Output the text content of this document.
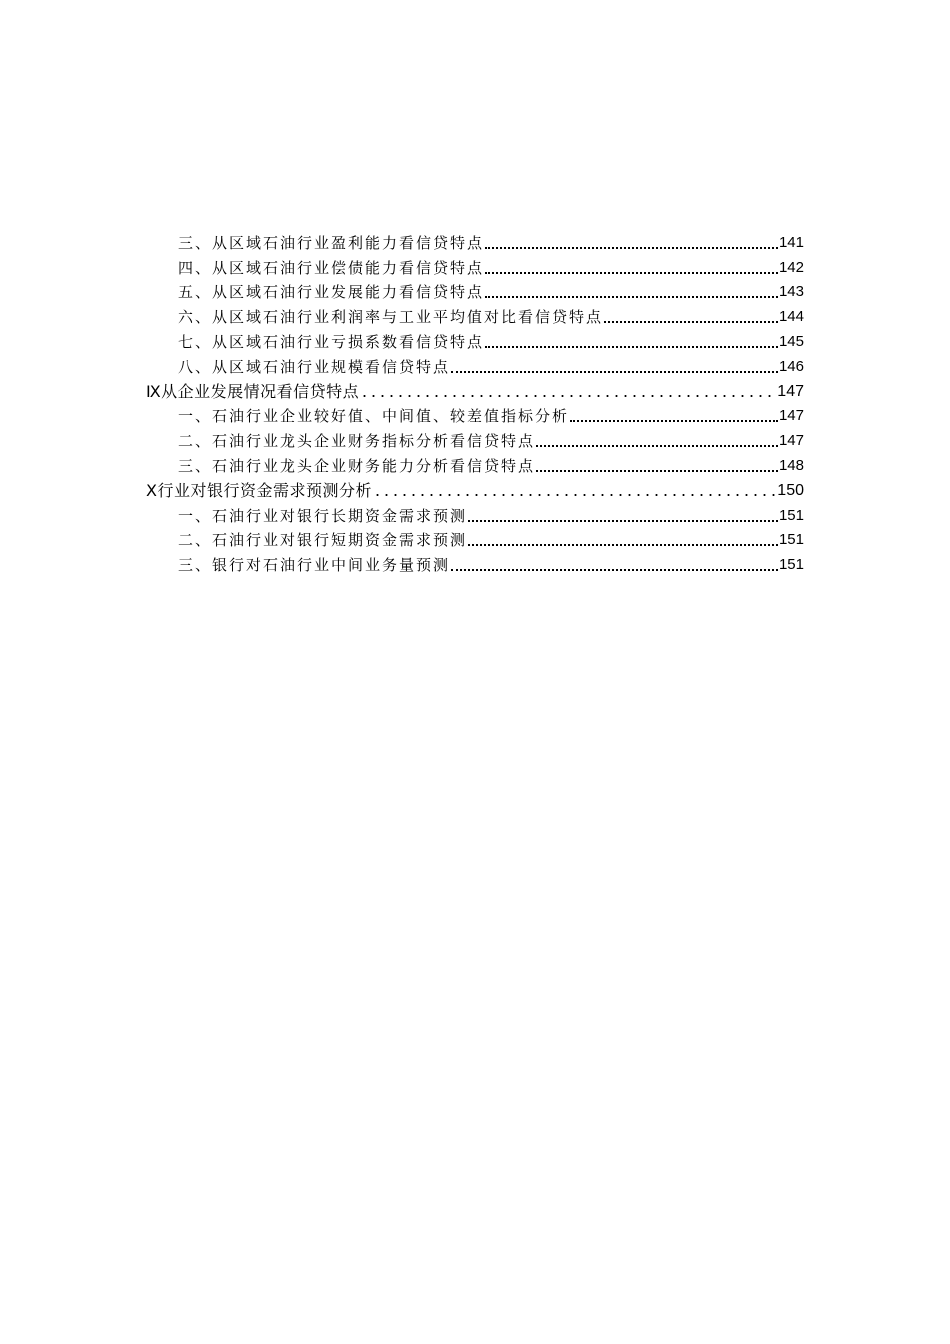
三、从区域石油行业盈利能力看信贷特点	141
四、从区域石油行业偿债能力看信贷特点	142
五、从区域石油行业发展能力看信贷特点	143
六、从区域石油行业利润率与工业平均值对比看信贷特点	144
七、从区域石油行业亏损系数看信贷特点	145
八、从区域石油行业规模看信贷特点	146
Ⅸ从企业发展情况看信贷特点	147
一、石油行业企业较好值、中间值、较差值指标分析	147
二、石油行业龙头企业财务指标分析看信贷特点	147
三、石油行业龙头企业财务能力分析看信贷特点	148
Ⅹ行业对银行资金需求预测分析	150
一、石油行业对银行长期资金需求预测	151
二、石油行业对银行短期资金需求预测	151
三、银行对石油行业中间业务量预测	151
